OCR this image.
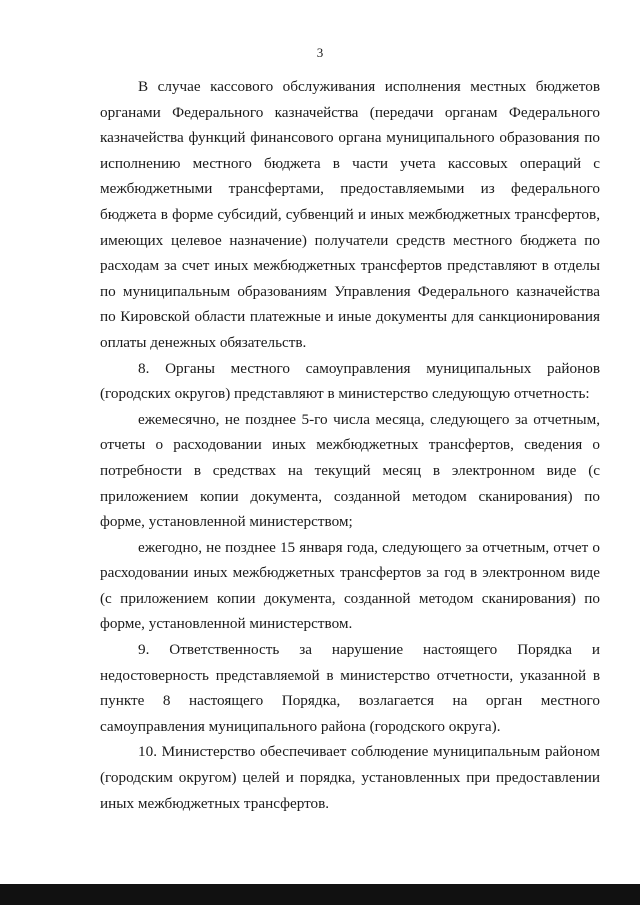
3

В случае кассового обслуживания исполнения местных бюджетов органами Федерального казначейства (передачи органам Федерального казначейства функций финансового органа муниципального образования по исполнению местного бюджета в части учета кассовых операций с межбюджетными трансфертами, предоставляемыми из федерального бюджета в форме субсидий, субвенций и иных межбюджетных трансфертов, имеющих целевое назначение) получатели средств местного бюджета по расходам за счет иных межбюджетных трансфертов представляют в отделы по муниципальным образованиям Управления Федерального казначейства по Кировской области платежные и иные документы для санкционирования оплаты денежных обязательств.

8. Органы местного самоуправления муниципальных районов (городских округов) представляют в министерство следующую отчетность:

ежемесячно, не позднее 5-го числа месяца, следующего за отчетным, отчеты о расходовании иных межбюджетных трансфертов, сведения о потребности в средствах на текущий месяц в электронном виде (с приложением копии документа, созданной методом сканирования) по форме, установленной министерством;

ежегодно, не позднее 15 января года, следующего за отчетным, отчет о расходовании иных межбюджетных трансфертов за год в электронном виде (с приложением копии документа, созданной методом сканирования) по форме, установленной министерством.

9. Ответственность за нарушение настоящего Порядка и недостоверность представляемой в министерство отчетности, указанной в пункте 8 настоящего Порядка, возлагается на орган местного самоуправления муниципального района (городского округа).

10. Министерство обеспечивает соблюдение муниципальным районом (городским округом) целей и порядка, установленных при предоставлении иных межбюджетных трансфертов.
